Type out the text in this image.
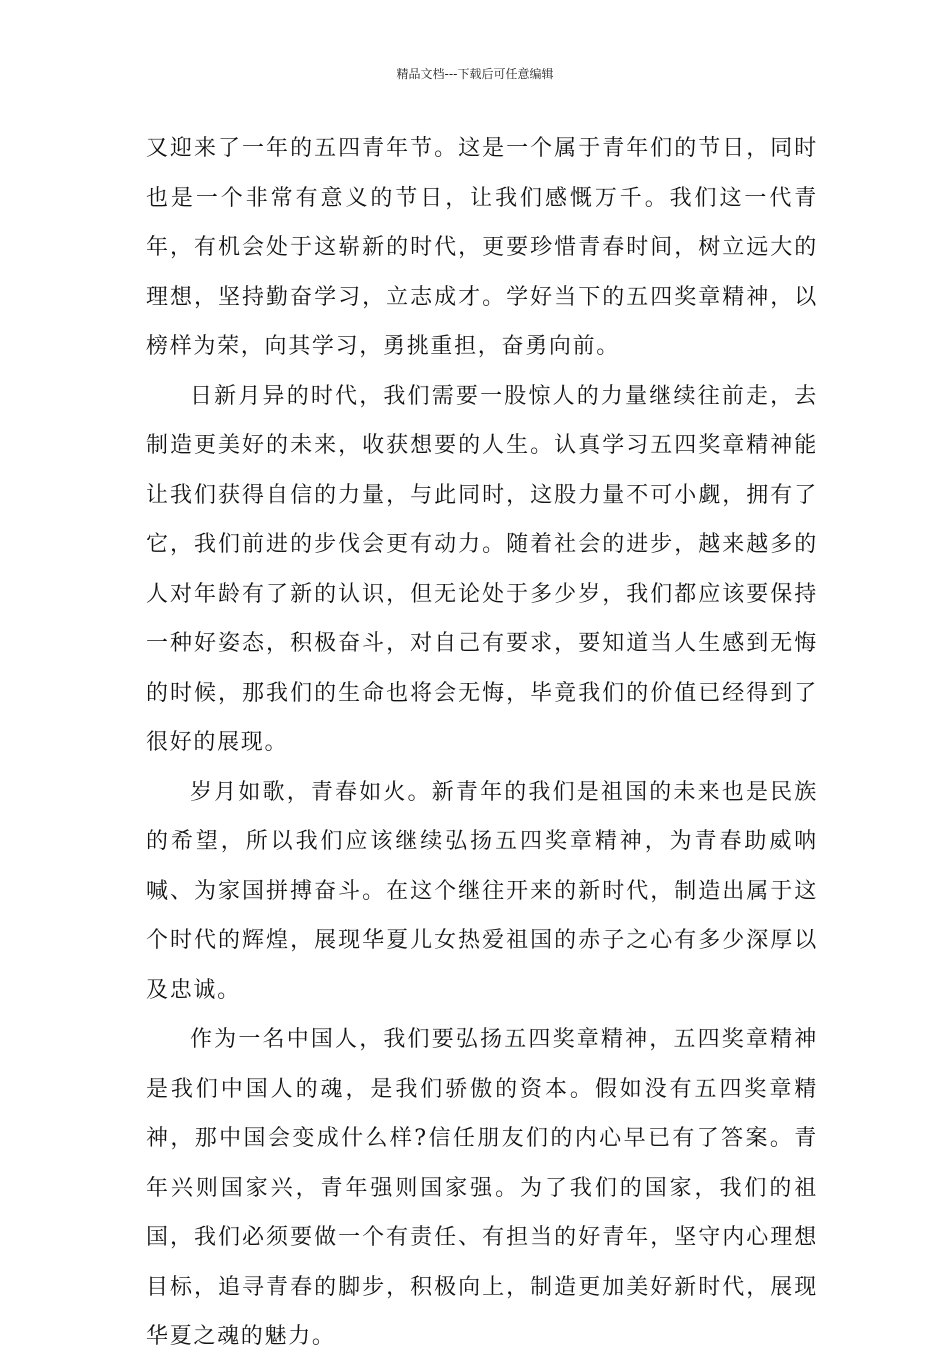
精品文档---下载后可任意编辑

又迎来了一年的五四青年节。这是一个属于青年们的节日，同时也是一个非常有意义的节日，让我们感慨万千。我们这一代青年，有机会处于这崭新的时代，更要珍惜青春时间，树立远大的理想，坚持勤奋学习，立志成才。学好当下的五四奖章精神，以榜样为荣，向其学习，勇挑重担，奋勇向前。

日新月异的时代，我们需要一股惊人的力量继续往前走，去制造更美好的未来，收获想要的人生。认真学习五四奖章精神能让我们获得自信的力量，与此同时，这股力量不可小觑，拥有了它，我们前进的步伐会更有动力。随着社会的进步，越来越多的人对年龄有了新的认识，但无论处于多少岁，我们都应该要保持一种好姿态，积极奋斗，对自己有要求，要知道当人生感到无悔的时候，那我们的生命也将会无悔，毕竟我们的价值已经得到了很好的展现。

岁月如歌，青春如火。新青年的我们是祖国的未来也是民族的希望，所以我们应该继续弘扬五四奖章精神，为青春助威呐喊、为家国拼搏奋斗。在这个继往开来的新时代，制造出属于这个时代的辉煌，展现华夏儿女热爱祖国的赤子之心有多少深厚以及忠诚。

作为一名中国人，我们要弘扬五四奖章精神，五四奖章精神是我们中国人的魂，是我们骄傲的资本。假如没有五四奖章精神，那中国会变成什么样?信任朋友们的内心早已有了答案。青年兴则国家兴，青年强则国家强。为了我们的国家，我们的祖国，我们必须要做一个有责任、有担当的好青年，坚守内心理想目标，追寻青春的脚步，积极向上，制造更加美好新时代，展现华夏之魂的魅力。
